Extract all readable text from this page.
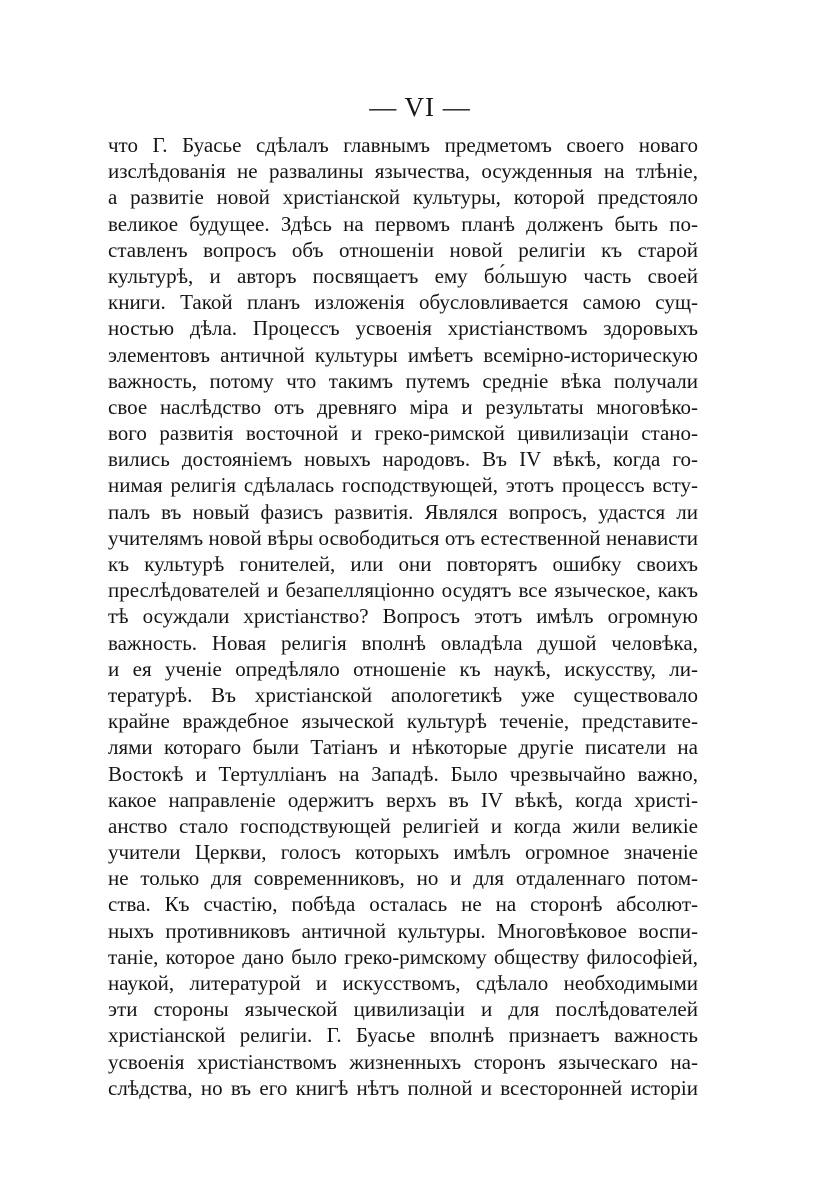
— VI —
что Г. Буасье сдѣлалъ главнымъ предметомъ своего новаго
изслѣдованія не развалины язычества, осужденныя на тлѣніе,
а развитіе новой христіанской культуры, которой предстояло
великое будущее. Здѣсь на первомъ планѣ долженъ быть по-
ставленъ вопросъ объ отношеніи новой религіи къ старой
культурѣ, и авторъ посвящаетъ ему бо́льшую часть своей
книги. Такой планъ изложенія обусловливается самою сущ-
ностью дѣла. Процессъ усвоенія христіанствомъ здоровыхъ
элементовъ античной культуры имѣетъ всемірно-историческую
важность, потому что такимъ путемъ средніе вѣка получали
свое наслѣдство отъ древняго міра и результаты многовѣко-
вого развитія восточной и греко-римской цивилизаціи стано-
вились достояніемъ новыхъ народовъ. Въ IV вѣкѣ, когда го-
нимая религія сдѣлалась господствующей, этотъ процессъ всту-
палъ въ новый фазисъ развитія. Являлся вопросъ, удастся ли
учителямъ новой вѣры освободиться отъ естественной ненависти
къ культурѣ гонителей, или они повторятъ ошибку своихъ
преслѣдователей и безапелляціонно осудятъ все языческое, какъ
тѣ осуждали христіанство? Вопросъ этотъ имѣлъ огромную
важность. Новая религія вполнѣ овладѣла душой человѣка,
и ея ученіе опредѣляло отношеніе къ наукѣ, искусству, ли-
тературѣ. Въ христіанской апологетикѣ уже существовало
крайне враждебное языческой культурѣ теченіе, представите-
лями котораго были Татіанъ и нѣкоторые другіе писатели на
Востокѣ и Тертулліанъ на Западѣ. Было чрезвычайно важно,
какое направленіе одержитъ верхъ въ IV вѣкѣ, когда христі-
анство стало господствующей религіей и когда жили великіе
учители Церкви, голосъ которыхъ имѣлъ огромное значеніе
не только для современниковъ, но и для отдаленнаго потом-
ства. Къ счастію, побѣда осталась не на сторонѣ абсолют-
ныхъ противниковъ античной культуры. Многовѣковое воспи-
таніе, которое дано было греко-римскому обществу философіей,
наукой, литературой и искусствомъ, сдѣлало необходимыми
эти стороны языческой цивилизаціи и для послѣдователей
христіанской религіи. Г. Буасье вполнѣ признаетъ важность
усвоенія христіанствомъ жизненныхъ сторонъ языческаго на-
слѣдства, но въ его книгѣ нѣтъ полной и всесторонней исторіи
